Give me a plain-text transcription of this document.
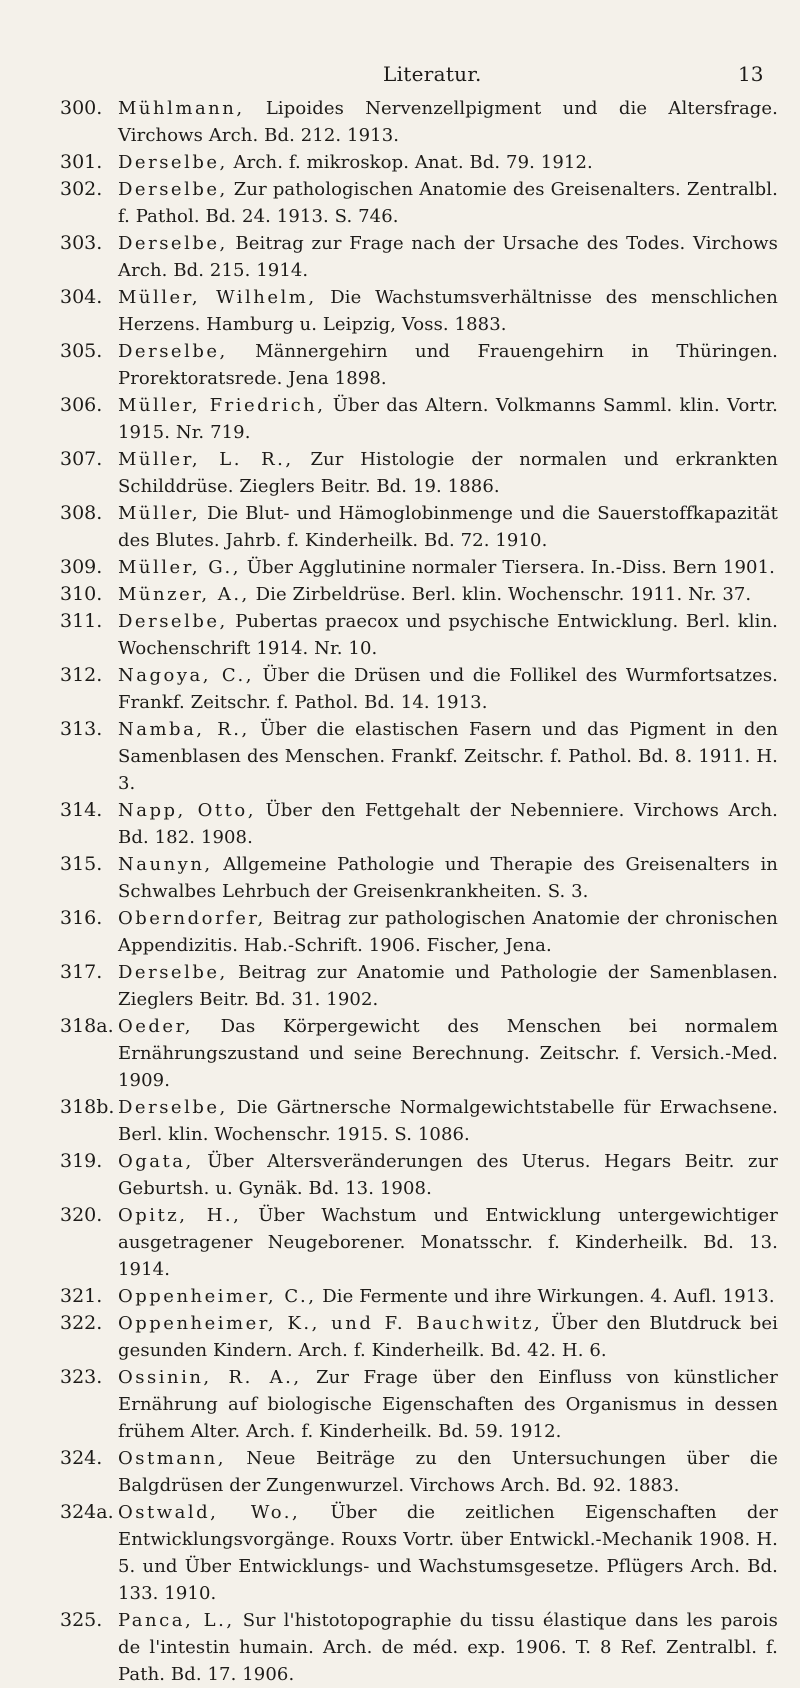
Literatur.	13
300. Mühlmann, Lipoides Nervenzellpigment und die Altersfrage. Virchows Arch. Bd. 212. 1913.
301. Derselbe, Arch. f. mikroskop. Anat. Bd. 79. 1912.
302. Derselbe, Zur pathologischen Anatomie des Greisenalters. Zentralbl. f. Pathol. Bd. 24. 1913. S. 746.
303. Derselbe, Beitrag zur Frage nach der Ursache des Todes. Virchows Arch. Bd. 215. 1914.
304. Müller, Wilhelm, Die Wachstumsverhältnisse des menschlichen Herzens. Hamburg u. Leipzig, Voss. 1883.
305. Derselbe, Männergehirn und Frauengehirn in Thüringen. Prorektoratsrede. Jena 1898.
306. Müller, Friedrich, Über das Altern. Volkmanns Samml. klin. Vortr. 1915. Nr. 719.
307. Müller, L. R., Zur Histologie der normalen und erkrankten Schilddrüse. Zieglers Beitr. Bd. 19. 1886.
308. Müller, Die Blut- und Hämoglobinmenge und die Sauerstoffkapazität des Blutes. Jahrb. f. Kinderheilk. Bd. 72. 1910.
309. Müller, G., Über Agglutinine normaler Tiersera. In.-Diss. Bern 1901.
310. Münzer, A., Die Zirbeldrüse. Berl. klin. Wochenschr. 1911. Nr. 37.
311. Derselbe, Pubertas praecox und psychische Entwicklung. Berl. klin. Wochenschrift 1914. Nr. 10.
312. Nagoya, C., Über die Drüsen und die Follikel des Wurmfortsatzes. Frankf. Zeitschr. f. Pathol. Bd. 14. 1913.
313. Namba, R., Über die elastischen Fasern und das Pigment in den Samenblasen des Menschen. Frankf. Zeitschr. f. Pathol. Bd. 8. 1911. H. 3.
314. Napp, Otto, Über den Fettgehalt der Nebenniere. Virchows Arch. Bd. 182. 1908.
315. Naunyn, Allgemeine Pathologie und Therapie des Greisenalters in Schwalbes Lehrbuch der Greisenkrankheiten. S. 3.
316. Oberndorfer, Beitrag zur pathologischen Anatomie der chronischen Appendizitis. Hab.-Schrift. 1906. Fischer, Jena.
317. Derselbe, Beitrag zur Anatomie und Pathologie der Samenblasen. Zieglers Beitr. Bd. 31. 1902.
318a. Oeder, Das Körpergewicht des Menschen bei normalem Ernährungszustand und seine Berechnung. Zeitschr. f. Versich.-Med. 1909.
318b. Derselbe, Die Gärtnersche Normalgewichtstabelle für Erwachsene. Berl. klin. Wochenschr. 1915. S. 1086.
319. Ogata, Über Altersveränderungen des Uterus. Hegars Beitr. zur Geburtsh. u. Gynäk. Bd. 13. 1908.
320. Opitz, H., Über Wachstum und Entwicklung untergewichtiger ausgetragener Neugeborener. Monatsschr. f. Kinderheilk. Bd. 13. 1914.
321. Oppenheimer, C., Die Fermente und ihre Wirkungen. 4. Aufl. 1913.
322. Oppenheimer, K., und F. Bauchwitz, Über den Blutdruck bei gesunden Kindern. Arch. f. Kinderheilk. Bd. 42. H. 6.
323. Ossinin, R. A., Zur Frage über den Einfluss von künstlicher Ernährung auf biologische Eigenschaften des Organismus in dessen frühem Alter. Arch. f. Kinderheilk. Bd. 59. 1912.
324. Ostmann, Neue Beiträge zu den Untersuchungen über die Balgdrüsen der Zungenwurzel. Virchows Arch. Bd. 92. 1883.
324a. Ostwald, Wo., Über die zeitlichen Eigenschaften der Entwicklungsvorgänge. Rouxs Vortr. über Entwickl.-Mechanik 1908. H. 5. und Über Entwicklungs- und Wachstumsgesetze. Pflügers Arch. Bd. 133. 1910.
325. Panca, L., Sur l'histotopographie du tissu élastique dans les parois de l'intestin humain. Arch. de méd. exp. 1906. T. 8 Ref. Zentralbl. f. Path. Bd. 17. 1906.
